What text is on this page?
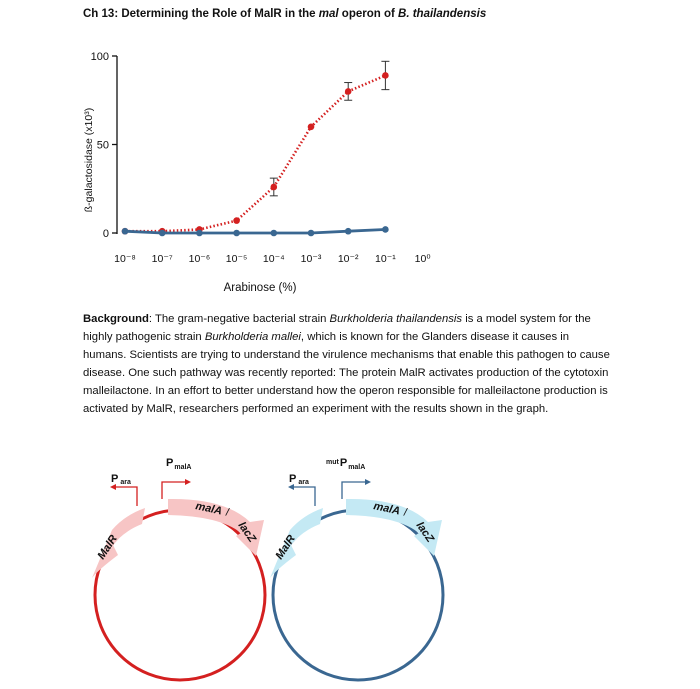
Ch 13: Determining the Role of MalR in the mal operon of B. thailandensis
0
50
100
10⁻⁸ 10⁻⁷ 10⁻⁶ 10⁻⁵ 10⁻⁴ 10⁻³ 10⁻² 10⁻¹ 10⁰
ß-galactosidase (x10³)
Arabinose (%)
Background: The gram-negative bacterial strain Burkholderia thailandensis is a model system for the highly pathogenic strain Burkholderia mallei, which is known for the Glanders disease it causes in humans. Scientists are trying to understand the virulence mechanisms that enable this pathogen to cause disease. One such pathway was recently reported: The protein MalR activates production of the cytotoxin malleilactone. In an effort to better understand how the operon responsible for malleilactone production is activated by MalR, researchers performed an experiment with the results shown in the graph.
Para
$P_{malA}$
MalR
malA/
lacZ
Para
mutP$_{malA}$
MalR
malA/
lacZ
